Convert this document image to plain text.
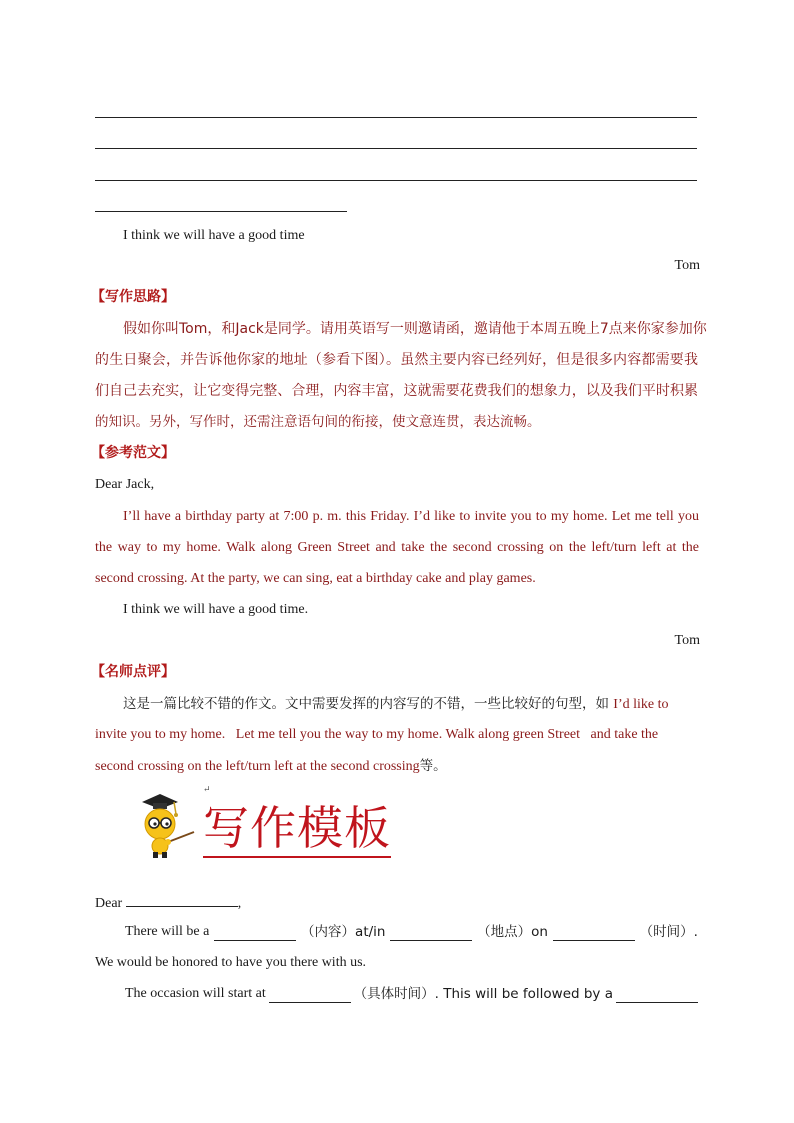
I think we will have a good time
Tom
【写作思路】
假如你叫Tom，和Jack是同学。请用英语写一则邀请函，邀请他于本周五晚上7点来你家参加你
的生日聚会，并告诉他你家的地址（参看下图）。虽然主要内容已经列好，但是很多内容都需要我
们自己去充实，让它变得完整、合理，内容丰富，这就需要花费我们的想象力，以及我们平时积累
的知识。另外，写作时，还需注意语句间的衔接，使文意连贯，表达流畅。
【参考范文】
Dear Jack,
I’ll have a birthday party at 7:00 p. m. this Friday. I’d like to invite you to my home. Let me tell you
the way to my home. Walk along Green Street and take the second crossing on the left/turn left at the
second crossing. At the party, we can sing, eat a birthday cake and play games.
I think we will have a good time.
Tom
【名师点评】
这是一篇比较不错的作文。文中需要发挥的内容写的不错，一些比较好的句型，如 I’d like to
invite you to my home.   Let me tell you the way to my home. Walk along green Street   and take the
second crossing on the left/turn left at the second crossing等。
↵
写作模板
Dear	,
There will be a	（内容）at/in	（地点）on	（时间）.
We would be honored to have you there with us.
The occasion will start at	（具体时间）. This will be followed by a
